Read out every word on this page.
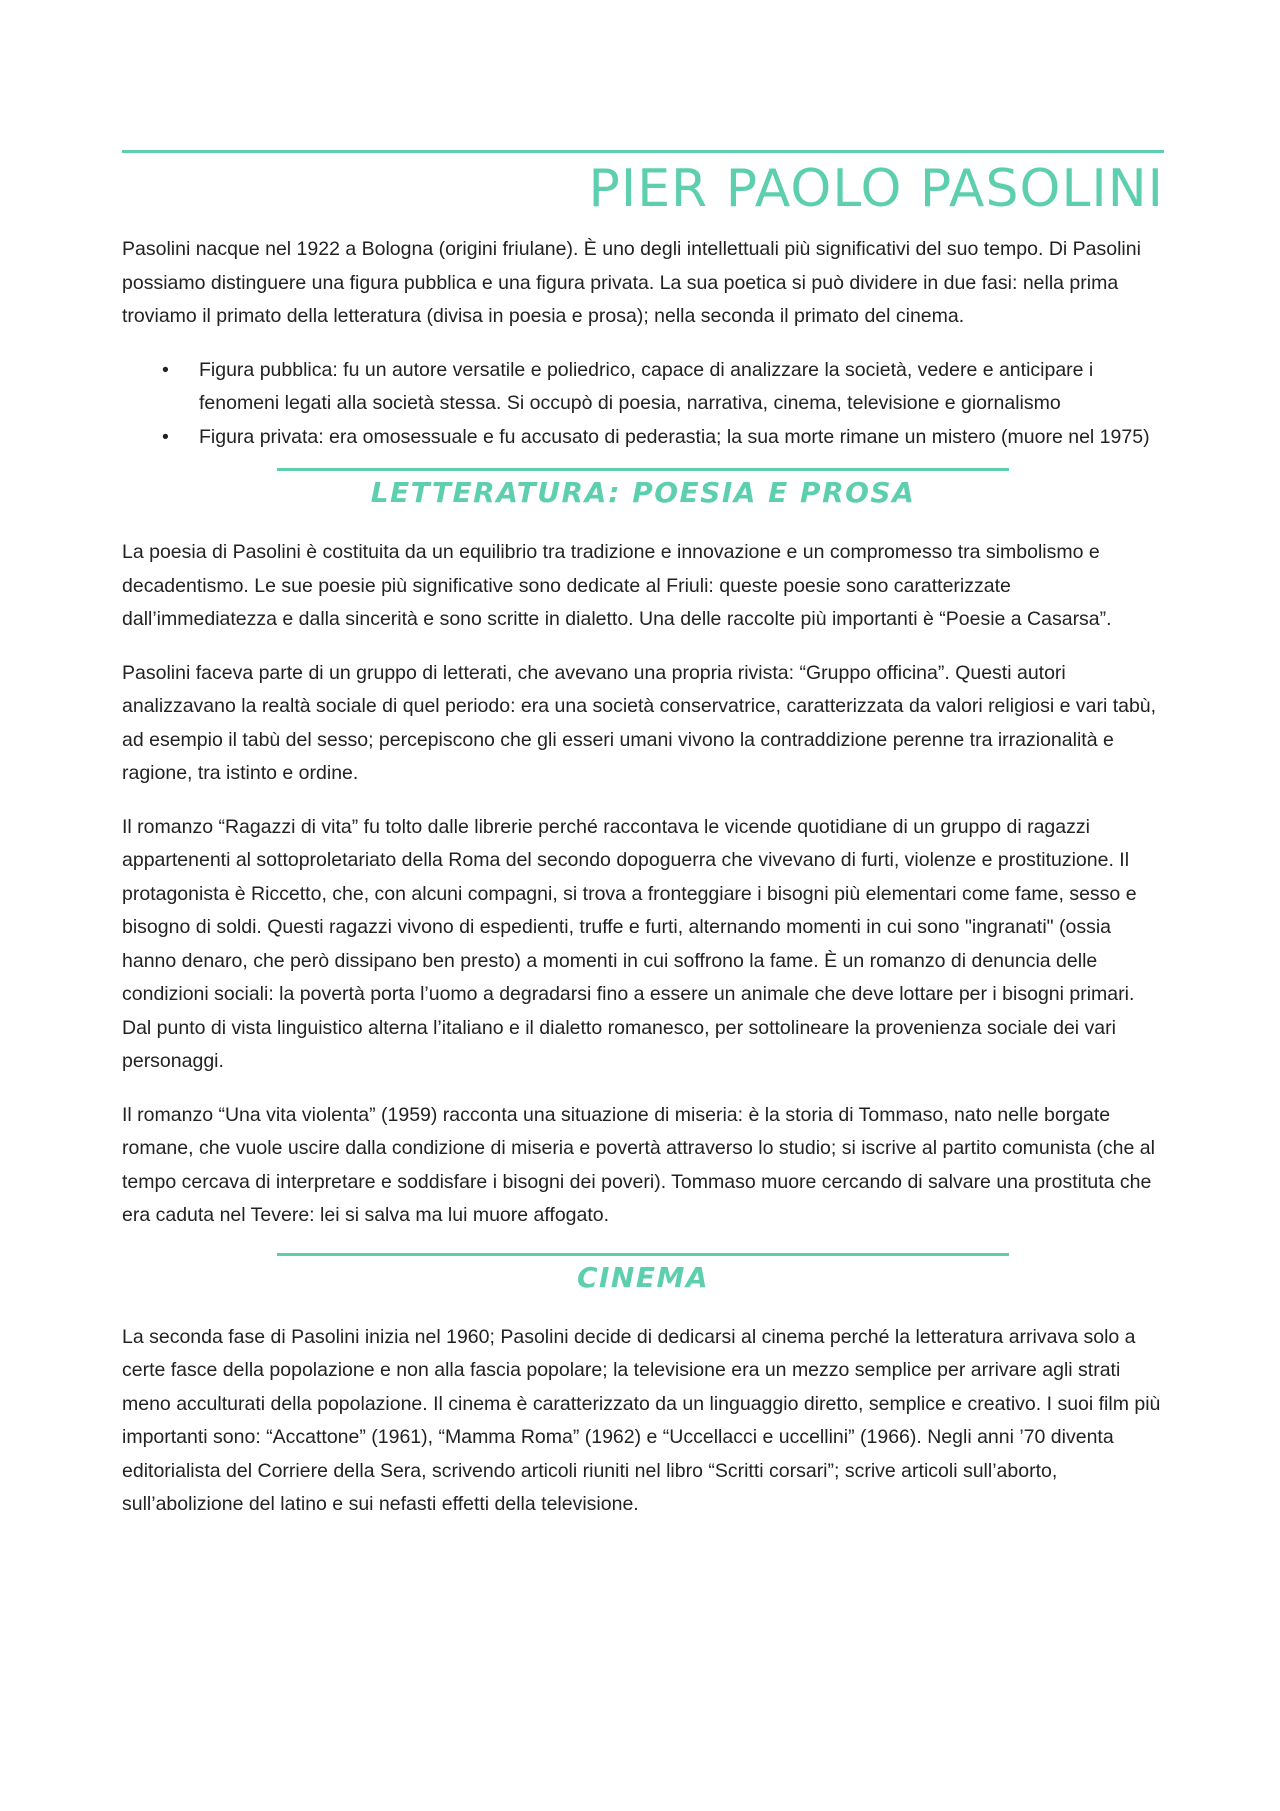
PIER PAOLO PASOLINI

Pasolini nacque nel 1922 a Bologna (origini friulane). È uno degli intellettuali più significativi del suo tempo. Di Pasolini possiamo distinguere una figura pubblica e una figura privata. La sua poetica si può dividere in due fasi: nella prima troviamo il primato della letteratura (divisa in poesia e prosa); nella seconda il primato del cinema.

• Figura pubblica: fu un autore versatile e poliedrico, capace di analizzare la società, vedere e anticipare i fenomeni legati alla società stessa. Si occupò di poesia, narrativa, cinema, televisione e giornalismo
• Figura privata: era omosessuale e fu accusato di pederastia; la sua morte rimane un mistero (muore nel 1975)
LETTERATURA: POESIA E PROSA

La poesia di Pasolini è costituita da un equilibrio tra tradizione e innovazione e un compromesso tra simbolismo e decadentismo. Le sue poesie più significative sono dedicate al Friuli: queste poesie sono caratterizzate dall’immediatezza e dalla sincerità e sono scritte in dialetto. Una delle raccolte più importanti è “Poesie a Casarsa”.

Pasolini faceva parte di un gruppo di letterati, che avevano una propria rivista: “Gruppo officina”. Questi autori analizzavano la realtà sociale di quel periodo: era una società conservatrice, caratterizzata da valori religiosi e vari tabù, ad esempio il tabù del sesso; percepiscono che gli esseri umani vivono la contraddizione perenne tra irrazionalità e ragione, tra istinto e ordine.

Il romanzo “Ragazzi di vita” fu tolto dalle librerie perché raccontava le vicende quotidiane di un gruppo di ragazzi appartenenti al sottoproletariato della Roma del secondo dopoguerra che vivevano di furti, violenze e prostituzione. Il protagonista è Riccetto, che, con alcuni compagni, si trova a fronteggiare i bisogni più elementari come fame, sesso e bisogno di soldi. Questi ragazzi vivono di espedienti, truffe e furti, alternando momenti in cui sono "ingranati" (ossia hanno denaro, che però dissipano ben presto) a momenti in cui soffrono la fame. È un romanzo di denuncia delle condizioni sociali: la povertà porta l’uomo a degradarsi fino a essere un animale che deve lottare per i bisogni primari. Dal punto di vista linguistico alterna l’italiano e il dialetto romanesco, per sottolineare la provenienza sociale dei vari personaggi.

Il romanzo “Una vita violenta” (1959) racconta una situazione di miseria: è la storia di Tommaso, nato nelle borgate romane, che vuole uscire dalla condizione di miseria e povertà attraverso lo studio; si iscrive al partito comunista (che al tempo cercava di interpretare e soddisfare i bisogni dei poveri). Tommaso muore cercando di salvare una prostituta che era caduta nel Tevere: lei si salva ma lui muore affogato.

CINEMA

La seconda fase di Pasolini inizia nel 1960; Pasolini decide di dedicarsi al cinema perché la letteratura arrivava solo a certe fasce della popolazione e non alla fascia popolare; la televisione era un mezzo semplice per arrivare agli strati meno acculturati della popolazione. Il cinema è caratterizzato da un linguaggio diretto, semplice e creativo. I suoi film più importanti sono: “Accattone” (1961), “Mamma Roma” (1962) e “Uccellacci e uccellini” (1966). Negli anni ’70 diventa editorialista del Corriere della Sera, scrivendo articoli riuniti nel libro “Scritti corsari”; scrive articoli sull’aborto, sull’abolizione del latino e sui nefasti effetti della televisione.
